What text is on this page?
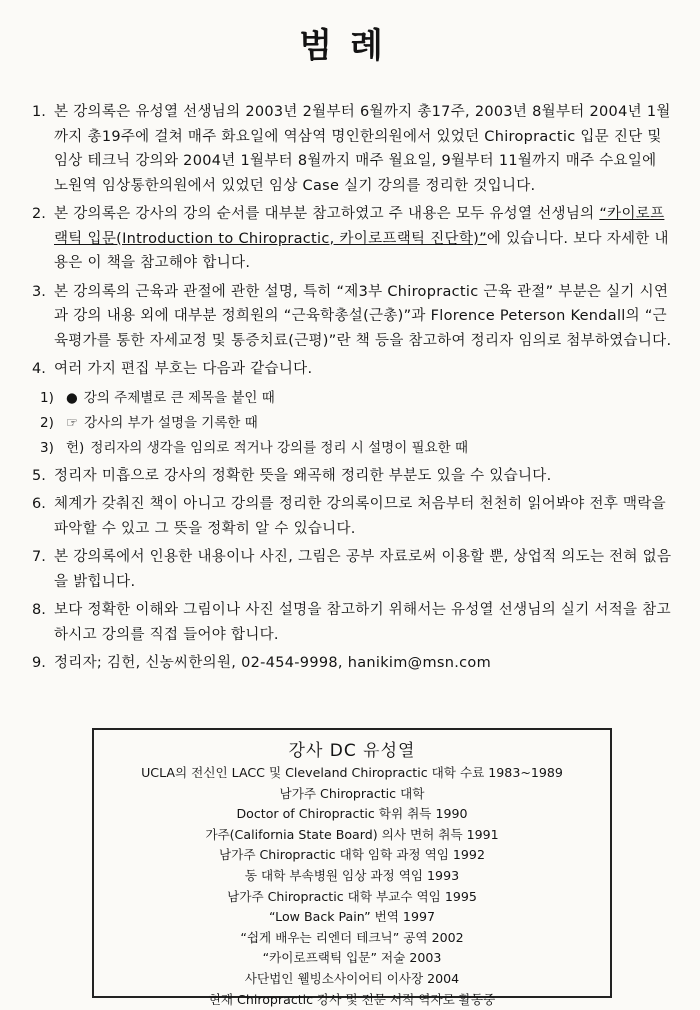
범례
1. 본 강의록은 유성열 선생님의 2003년 2월부터 6월까지 총17주, 2003년 8월부터 2004년 1월까지 총19주에 걸쳐 매주 화요일에 역삼역 명인한의원에서 있었던 Chiropractic 입문 진단 및 임상 테크닉 강의와 2004년 1월부터 8월까지 매주 월요일, 9월부터 11월까지 매주 수요일에 노원역 임상통한의원에서 있었던 임상 Case 실기 강의를 정리한 것입니다.
2. 본 강의록은 강사의 강의 순서를 대부분 참고하였고 주 내용은 모두 유성열 선생님의 “카이로프랙틱 입문(Introduction to Chiropractic, 카이로프랙틱 진단학)”에 있습니다. 보다 자세한 내용은 이 책을 참고해야 합니다.
3. 본 강의록의 근육과 관절에 관한 설명, 특히 “제3부 Chiropractic 근육 관절” 부분은 실기 시연과 강의 내용 외에 대부분 정희원의 “근육학총설(근총)”과 Florence Peterson Kendall의 “근육평가를 통한 자세교정 및 통증치료(근평)”란 책 등을 참고하여 정리자 임의로 첨부하였습니다.
4. 여러 가지 편집 부호는 다음과 같습니다.
1) ● 강의 주제별로 큰 제목을 붙인 때
2) ☞ 강사의 부가 설명을 기록한 때
3) 헌) 정리자의 생각을 임의로 적거나 강의를 정리 시 설명이 필요한 때
5. 정리자 미흡으로 강사의 정확한 뜻을 왜곡해 정리한 부분도 있을 수 있습니다.
6. 체계가 갖춰진 책이 아니고 강의를 정리한 강의록이므로 처음부터 천천히 읽어봐야 전후 맥락을 파악할 수 있고 그 뜻을 정확히 알 수 있습니다.
7. 본 강의록에서 인용한 내용이나 사진, 그림은 공부 자료로써 이용할 뿐, 상업적 의도는 전혀 없음을 밝힙니다.
8. 보다 정확한 이해와 그림이나 사진 설명을 참고하기 위해서는 유성열 선생님의 실기 서적을 참고하시고 강의를 직접 들어야 합니다.
9. 정리자; 김헌, 신농씨한의원, 02-454-9998, hanikim@msn.com
강사 DC 유성열
UCLA의 전신인 LACC 및 Cleveland Chiropractic 대학 수료 1983~1989
남가주 Chiropractic 대학
Doctor of Chiropractic 학위 취득 1990
가주(California State Board) 의사 면허 취득 1991
남가주 Chiropractic 대학 임학 과정 역임 1992
동 대학 부속병원 임상 과정 역임 1993
남가주 Chiropractic 대학 부교수 역임 1995
“Low Back Pain” 번역 1997
“쉽게 배우는 리엔더 테크닉” 공역 2002
“카이로프랙틱 입문” 저술 2003
사단법인 웰빙소사이어티 이사장 2004
현재 Chiropractic 강사 및 전문 서적 역자로 활동중
